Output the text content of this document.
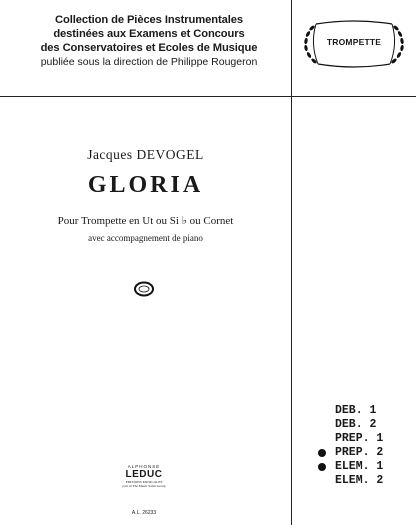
Collection de Pièces Instrumentales
destinées aux Examens et Concours
des Conservatoires et Ecoles de Musique
publiée sous la direction de Philippe Rougeron
TROMPETTE
Jacques DEVOGEL
GLORIA
Pour Trompette en Ut ou Si ♭ ou Cornet
avec accompagnement de piano
ALPHONSE
LEDUC
EDITIONS MUSICALES
part of The Music Sales Group
A.L. 26233
DEB. 1
DEB. 2
PREP. 1
PREP. 2
ELEM. 1
ELEM. 2
